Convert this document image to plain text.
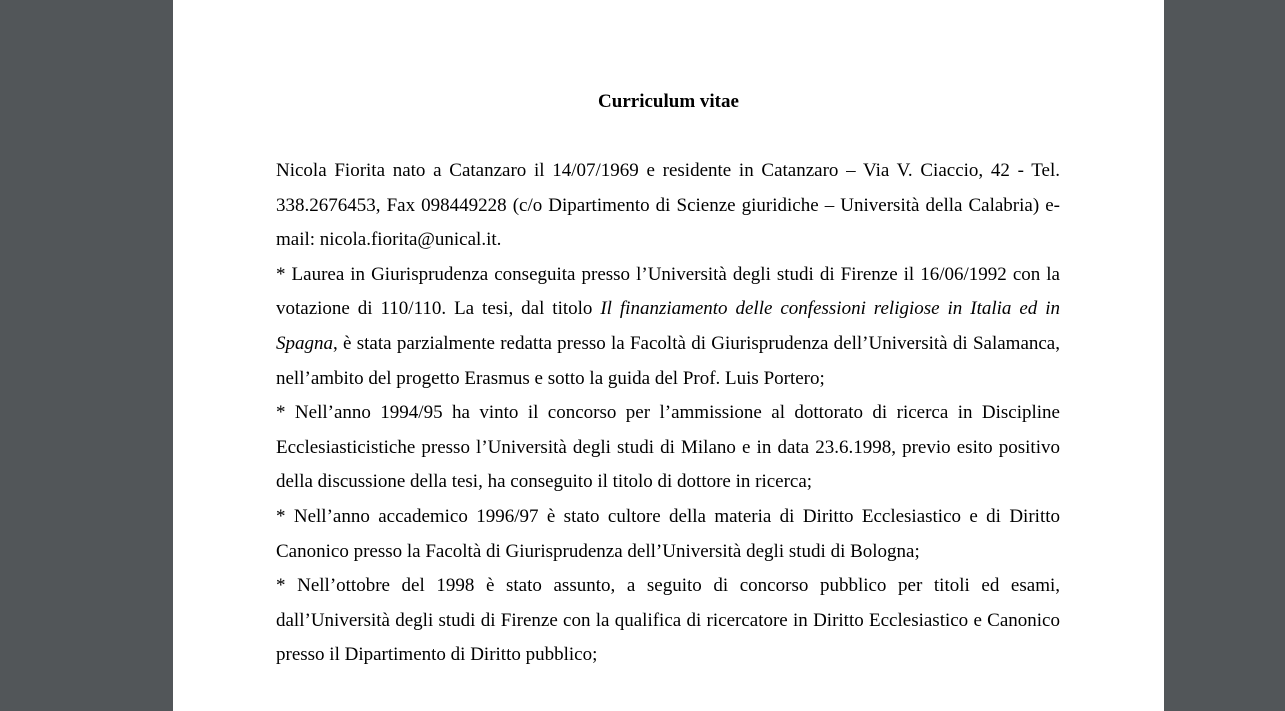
Curriculum vitae

Nicola Fiorita nato a Catanzaro il 14/07/1969 e residente in Catanzaro – Via V. Ciaccio, 42 - Tel. 338.2676453, Fax 098449228 (c/o Dipartimento di Scienze giuridiche – Università della Calabria) e-mail: nicola.fiorita@unical.it.

* Laurea in Giurisprudenza conseguita presso l’Università degli studi di Firenze il 16/06/1992 con la votazione di 110/110. La tesi, dal titolo Il finanziamento delle confessioni religiose in Italia ed in Spagna, è stata parzialmente redatta presso la Facoltà di Giurisprudenza dell’Università di Salamanca, nell’ambito del progetto Erasmus e sotto la guida del Prof. Luis Portero;

* Nell’anno 1994/95 ha vinto il concorso per l’ammissione al dottorato di ricerca in Discipline Ecclesiasticistiche presso l’Università degli studi di Milano e in data 23.6.1998, previo esito positivo della discussione della tesi, ha conseguito il titolo di dottore in ricerca;

* Nell’anno accademico 1996/97 è stato cultore della materia di Diritto Ecclesiastico e di Diritto Canonico presso la Facoltà di Giurisprudenza dell’Università degli studi di Bologna;

* Nell’ottobre del 1998 è stato assunto, a seguito di concorso pubblico per titoli ed esami, dall’Università degli studi di Firenze con la qualifica di ricercatore in Diritto Ecclesiastico e Canonico presso il Dipartimento di Diritto pubblico;
